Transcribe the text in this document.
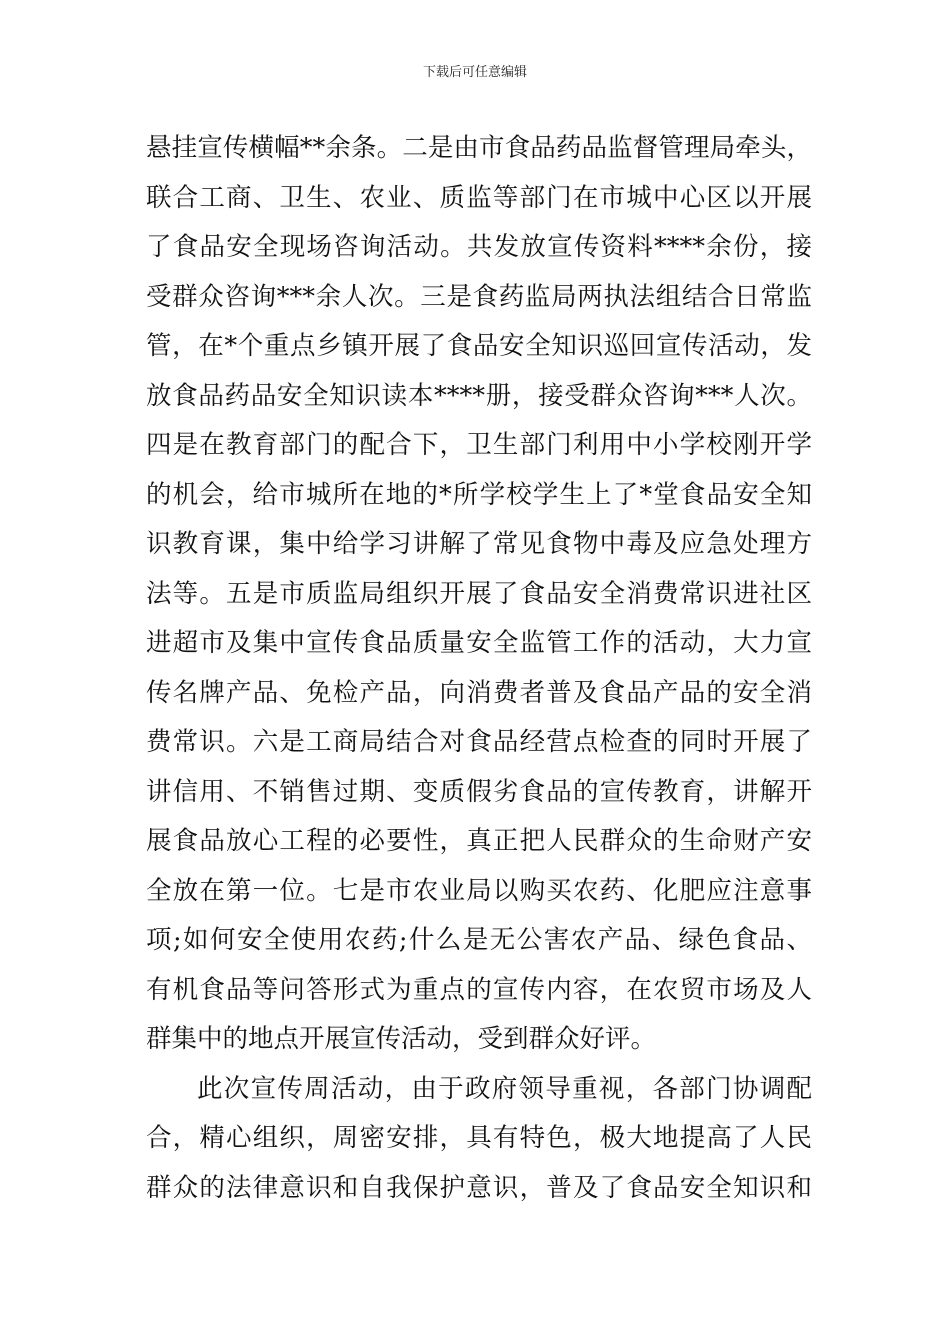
下载后可任意编辑
悬挂宣传横幅**余条。二是由市食品药品监督管理局牵头，
联合工商、卫生、农业、质监等部门在市城中心区以开展
了食品安全现场咨询活动。共发放宣传资料****余份，接
受群众咨询***余人次。三是食药监局两执法组结合日常监
管，在*个重点乡镇开展了食品安全知识巡回宣传活动，发
放食品药品安全知识读本****册，接受群众咨询***人次。
四是在教育部门的配合下，卫生部门利用中小学校刚开学
的机会，给市城所在地的*所学校学生上了*堂食品安全知
识教育课，集中给学习讲解了常见食物中毒及应急处理方
法等。五是市质监局组织开展了食品安全消费常识进社区
进超市及集中宣传食品质量安全监管工作的活动，大力宣
传名牌产品、免检产品，向消费者普及食品产品的安全消
费常识。六是工商局结合对食品经营点检查的同时开展了
讲信用、不销售过期、变质假劣食品的宣传教育，讲解开
展食品放心工程的必要性，真正把人民群众的生命财产安
全放在第一位。七是市农业局以购买农药、化肥应注意事
项;如何安全使用农药;什么是无公害农产品、绿色食品、
有机食品等问答形式为重点的宣传内容，在农贸市场及人
群集中的地点开展宣传活动，受到群众好评。
此次宣传周活动，由于政府领导重视，各部门协调配
合，精心组织，周密安排，具有特色，极大地提高了人民
群众的法律意识和自我保护意识，普及了食品安全知识和
